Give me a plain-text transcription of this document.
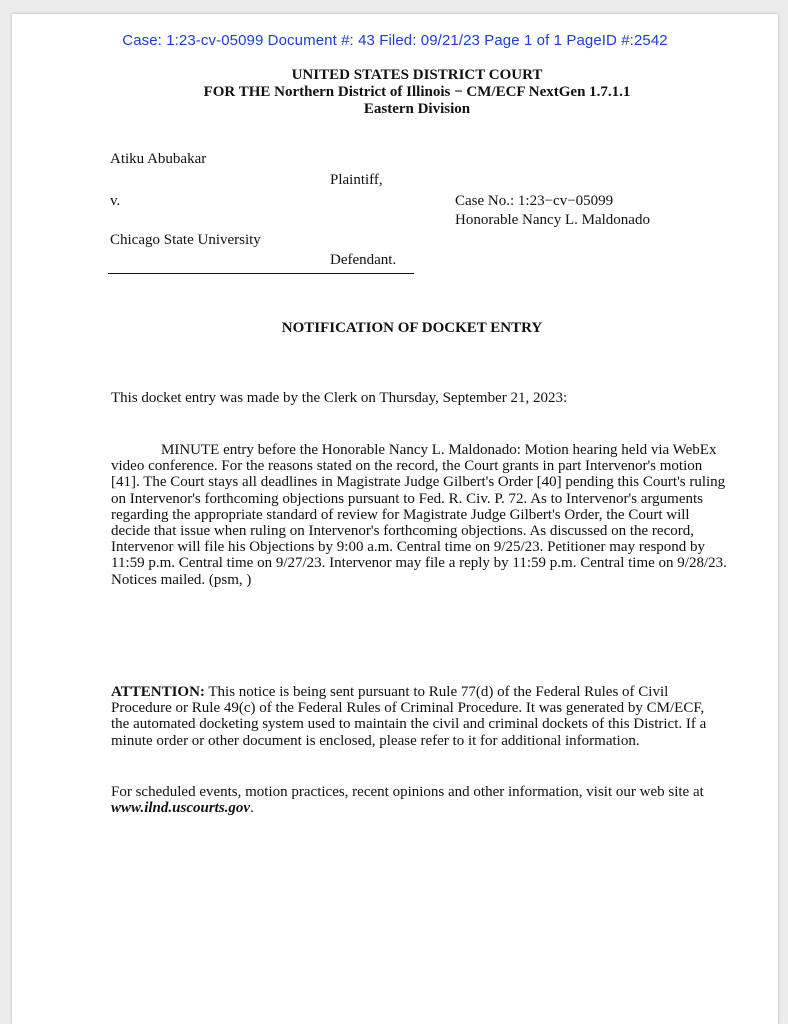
Case: 1:23-cv-05099 Document #: 43 Filed: 09/21/23 Page 1 of 1 PageID #:2542
UNITED STATES DISTRICT COURT
FOR THE Northern District of Illinois − CM/ECF NextGen 1.7.1.1
Eastern Division
Atiku Abubakar
Plaintiff,
v.	Case No.: 1:23−cv−05099
Honorable Nancy L. Maldonado
Chicago State University
Defendant.
NOTIFICATION OF DOCKET ENTRY
This docket entry was made by the Clerk on Thursday, September 21, 2023:
MINUTE entry before the Honorable Nancy L. Maldonado: Motion hearing held via WebEx video conference. For the reasons stated on the record, the Court grants in part Intervenor's motion [41]. The Court stays all deadlines in Magistrate Judge Gilbert's Order [40] pending this Court's ruling on Intervenor's forthcoming objections pursuant to Fed. R. Civ. P. 72. As to Intervenor's arguments regarding the appropriate standard of review for Magistrate Judge Gilbert's Order, the Court will decide that issue when ruling on Intervenor's forthcoming objections. As discussed on the record, Intervenor will file his Objections by 9:00 a.m. Central time on 9/25/23. Petitioner may respond by 11:59 p.m. Central time on 9/27/23. Intervenor may file a reply by 11:59 p.m. Central time on 9/28/23. Notices mailed. (psm, )
ATTENTION: This notice is being sent pursuant to Rule 77(d) of the Federal Rules of Civil Procedure or Rule 49(c) of the Federal Rules of Criminal Procedure. It was generated by CM/ECF, the automated docketing system used to maintain the civil and criminal dockets of this District. If a minute order or other document is enclosed, please refer to it for additional information.
For scheduled events, motion practices, recent opinions and other information, visit our web site at www.ilnd.uscourts.gov.
